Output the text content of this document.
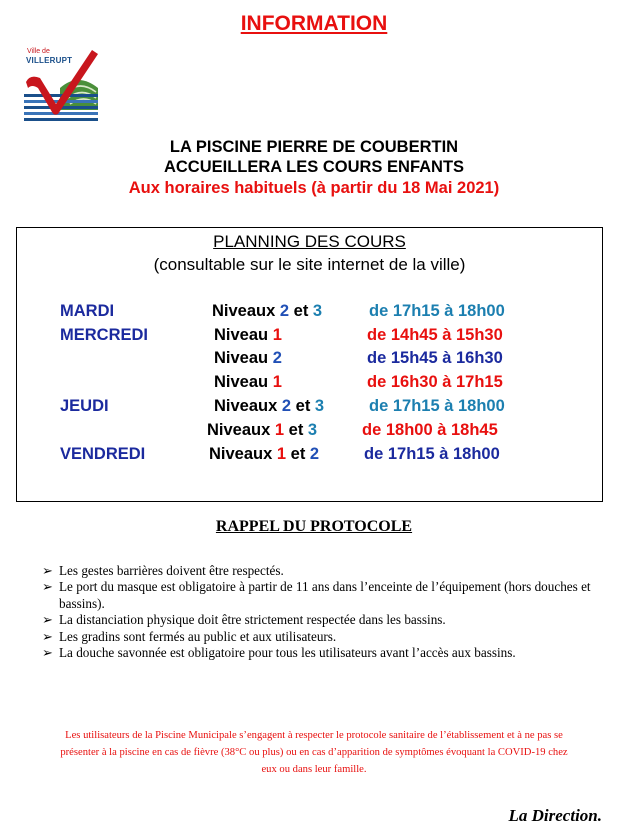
INFORMATION
Ville de
VILLERUPT
LA PISCINE PIERRE DE COUBERTIN
ACCUEILLERA LES COURS ENFANTS
Aux horaires habituels (à partir du 18 Mai 2021)
PLANNING DES COURS
(consultable sur le site internet de la ville)
MARDI	Niveaux 2 et 3	de 17h15 à 18h00
MERCREDI	Niveau 1	de 14h45 à 15h30
Niveau 2	de 15h45 à 16h30
Niveau 1	de 16h30 à 17h15
JEUDI	Niveaux 2 et 3	de 17h15 à 18h00
Niveaux 1 et 3	de 18h00 à 18h45
VENDREDI	Niveaux 1 et 2	de 17h15 à 18h00
RAPPEL DU PROTOCOLE
➢ Les gestes barrières doivent être respectés.
➢ Le port du masque est obligatoire à partir de 11 ans dans l’enceinte de l’équipement (hors douches et bassins).
➢ La distanciation physique doit être strictement respectée dans les bassins.
➢ Les gradins sont fermés au public et aux utilisateurs.
➢ La douche savonnée est obligatoire pour tous les utilisateurs avant l’accès aux bassins.
Les utilisateurs de la Piscine Municipale s’engagent à respecter le protocole sanitaire de l’établissement et à ne pas se présenter à la piscine en cas de fièvre (38°C ou plus) ou en cas d’apparition de symptômes évoquant la COVID-19 chez eux ou dans leur famille.
La Direction.
